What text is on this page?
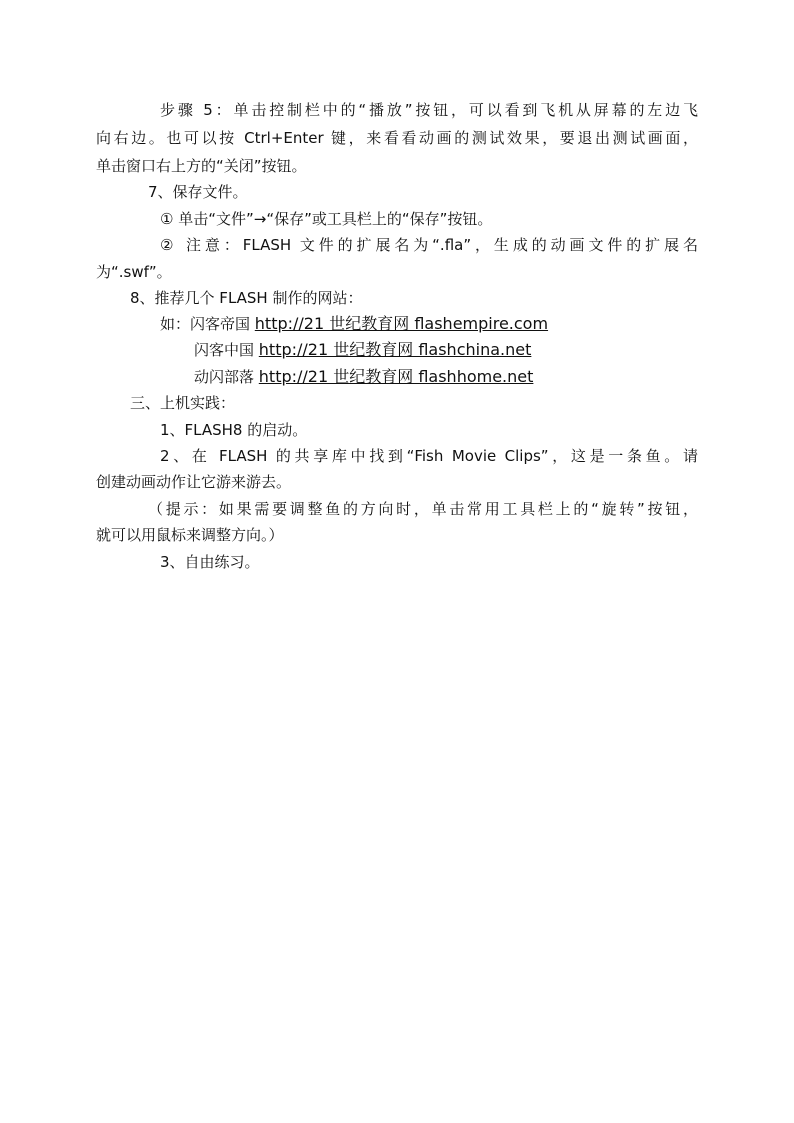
步骤 5：单击控制栏中的“播放”按钮，可以看到飞机从屏幕的左边飞
向右边。也可以按 Ctrl+Enter 键，来看看动画的测试效果，要退出测试画面，
单击窗口右上方的“关闭”按钮。
7、保存文件。
① 单击“文件”→“保存”或工具栏上的“保存”按钮。
② 注意：FLASH 文件的扩展名为“.fla”，生成的动画文件的扩展名
为“.swf”。
8、推荐几个 FLASH 制作的网站：
如：闪客帝国 http://21 世纪教育网 flashempire.com
闪客中国 http://21 世纪教育网 flashchina.net
动闪部落 http://21 世纪教育网 flashhome.net
三、上机实践：
1、FLASH8 的启动。
2、在 FLASH 的共享库中找到“Fish Movie Clips”，这是一条鱼。请
创建动画动作让它游来游去。
（提示：如果需要调整鱼的方向时，单击常用工具栏上的“旋转”按钮，
就可以用鼠标来调整方向。）
3、自由练习。
